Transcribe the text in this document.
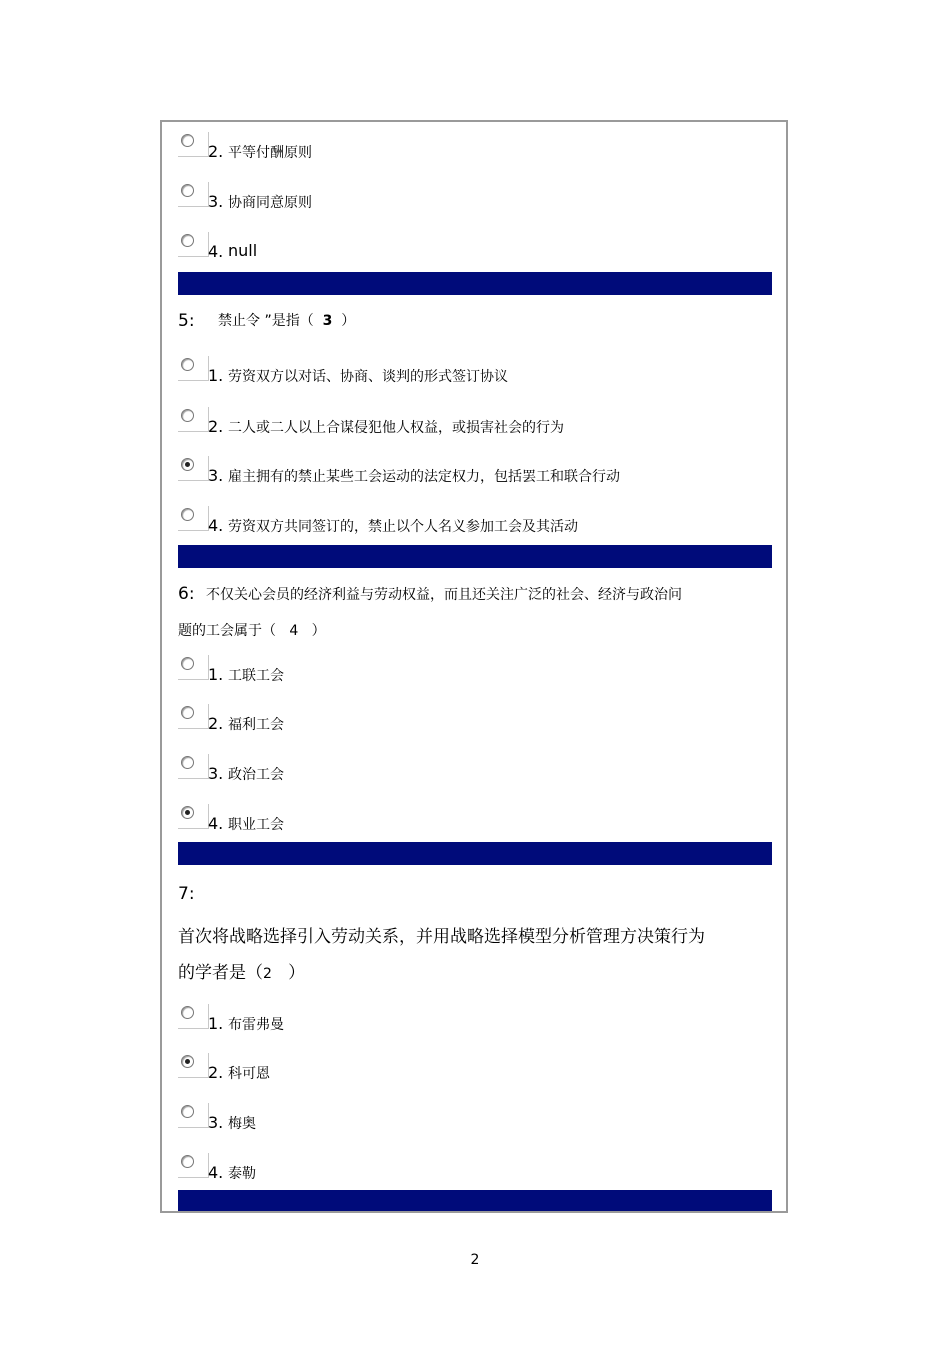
2. 平等付酬原则
3. 协商同意原则
4. null
5: 禁止令 ”是指（ 3 ）
1. 劳资双方以对话、协商、谈判的形式签订协议
2. 二人或二人以上合谋侵犯他人权益，或损害社会的行为
3. 雇主拥有的禁止某些工会运动的法定权力，包括罢工和联合行动
4. 劳资双方共同签订的，禁止以个人名义参加工会及其活动
6: 不仅关心会员的经济利益与劳动权益，而且还关注广泛的社会、经济与政治问
题的工会属于（ 4 ）
1. 工联工会
2. 福利工会
3. 政治工会
4. 职业工会
7:
首次将战略选择引入劳动关系，并用战略选择模型分析管理方决策行为
的学者是（2 ）
1. 布雷弗曼
2. 科可恩
3. 梅奥
4. 泰勒
2
